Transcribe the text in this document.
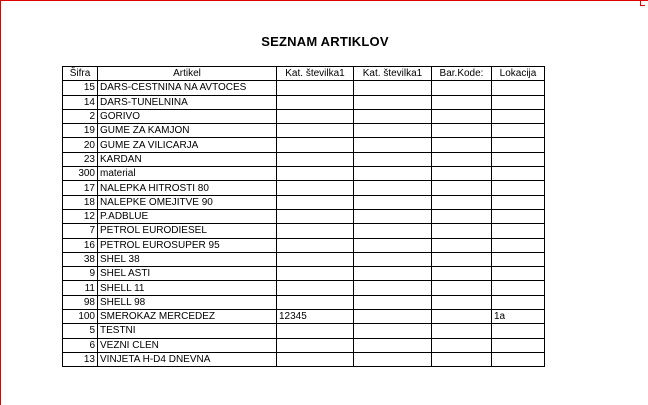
SEZNAM ARTIKLOV
Šifra	Artikel	Kat. številka1	Kat. številka1	Bar.Kode:	Lokacija
15	DARS-CESTNINA NA AVTOCES				
14	DARS-TUNELNINA				
2	GORIVO				
19	GUME ZA KAMJON				
20	GUME ZA VILICARJA				
23	KARDAN				
300	material				
17	NALEPKA HITROSTI 80				
18	NALEPKE OMEJITVE 90				
12	P.ADBLUE				
7	PETROL EURODIESEL				
16	PETROL EUROSUPER 95				
38	SHEL 38				
9	SHEL ASTI				
11	SHELL 11				
98	SHELL 98				
100	SMEROKAZ MERCEDEZ	12345			1a
5	TESTNI				
6	VEZNI CLEN				
13	VINJETA H-D4 DNEVNA				
